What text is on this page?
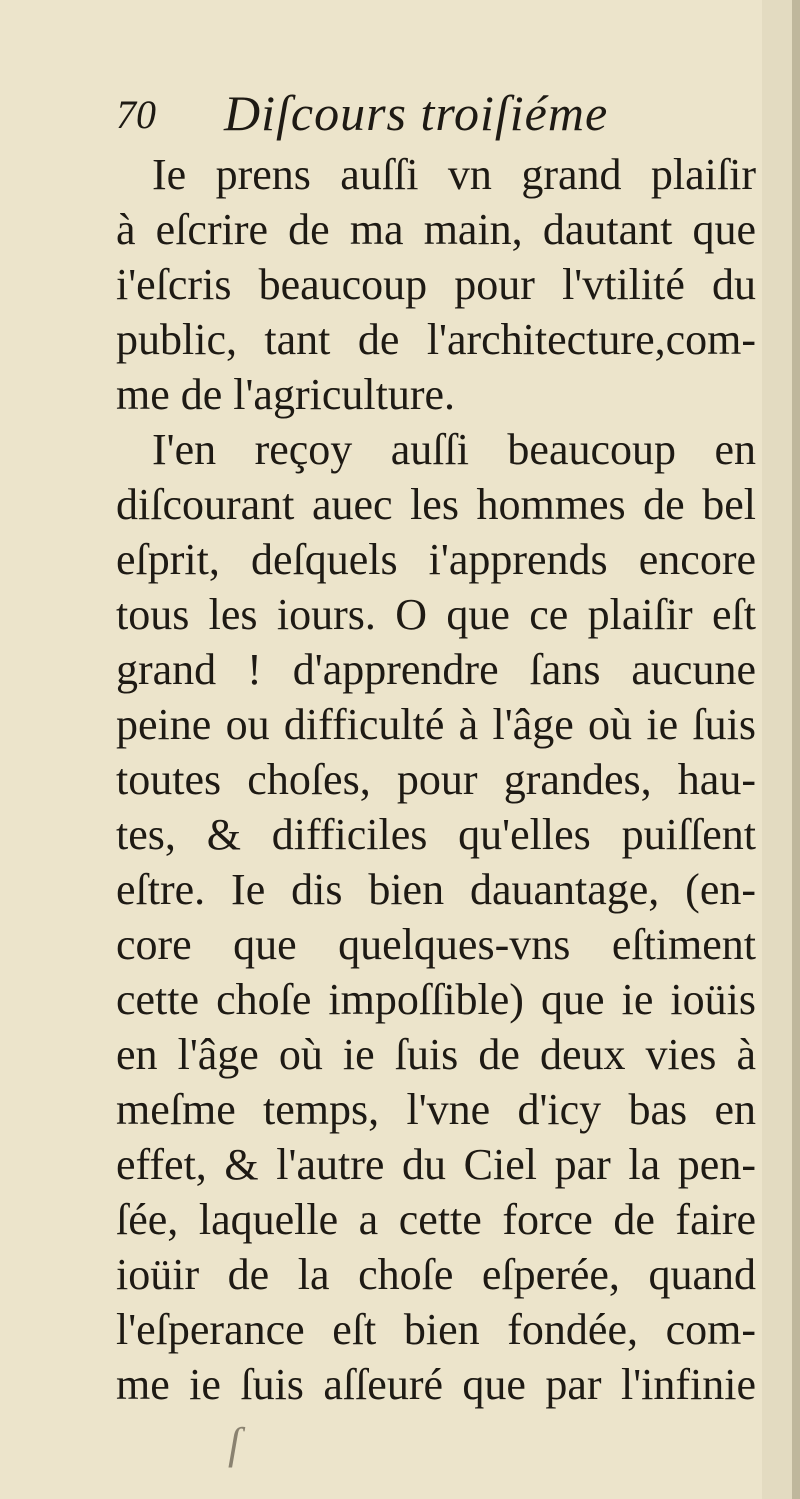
70 Diſcours troiſiéme
Ie prens auſſi vn grand plaiſir
à eſcrire de ma main, dautant que
i'eſcris beaucoup pour l'vtilité du
public, tant de l'architecture,com-
me de l'agriculture.
I'en reçoy auſſi beaucoup en
diſcourant auec les hommes de bel
eſprit, deſquels i'apprends encore
tous les iours. O que ce plaiſir eſt
grand ! d'apprendre ſans aucune
peine ou difficulté à l'âge où ie ſuis
toutes choſes, pour grandes, hau-
tes, & difficiles qu'elles puiſſent
eſtre. Ie dis bien dauantage, (en-
core que quelques-vns eſtiment
cette choſe impoſſible) que ie ioüis
en l'âge où ie ſuis de deux vies à
meſme temps, l'vne d'icy bas en
effet, & l'autre du Ciel par la pen-
ſée, laquelle a cette force de faire
ioüir de la choſe eſperée, quand
l'eſperance eſt bien fondée, com-
me ie ſuis aſſeuré que par l'infinie
ſ
